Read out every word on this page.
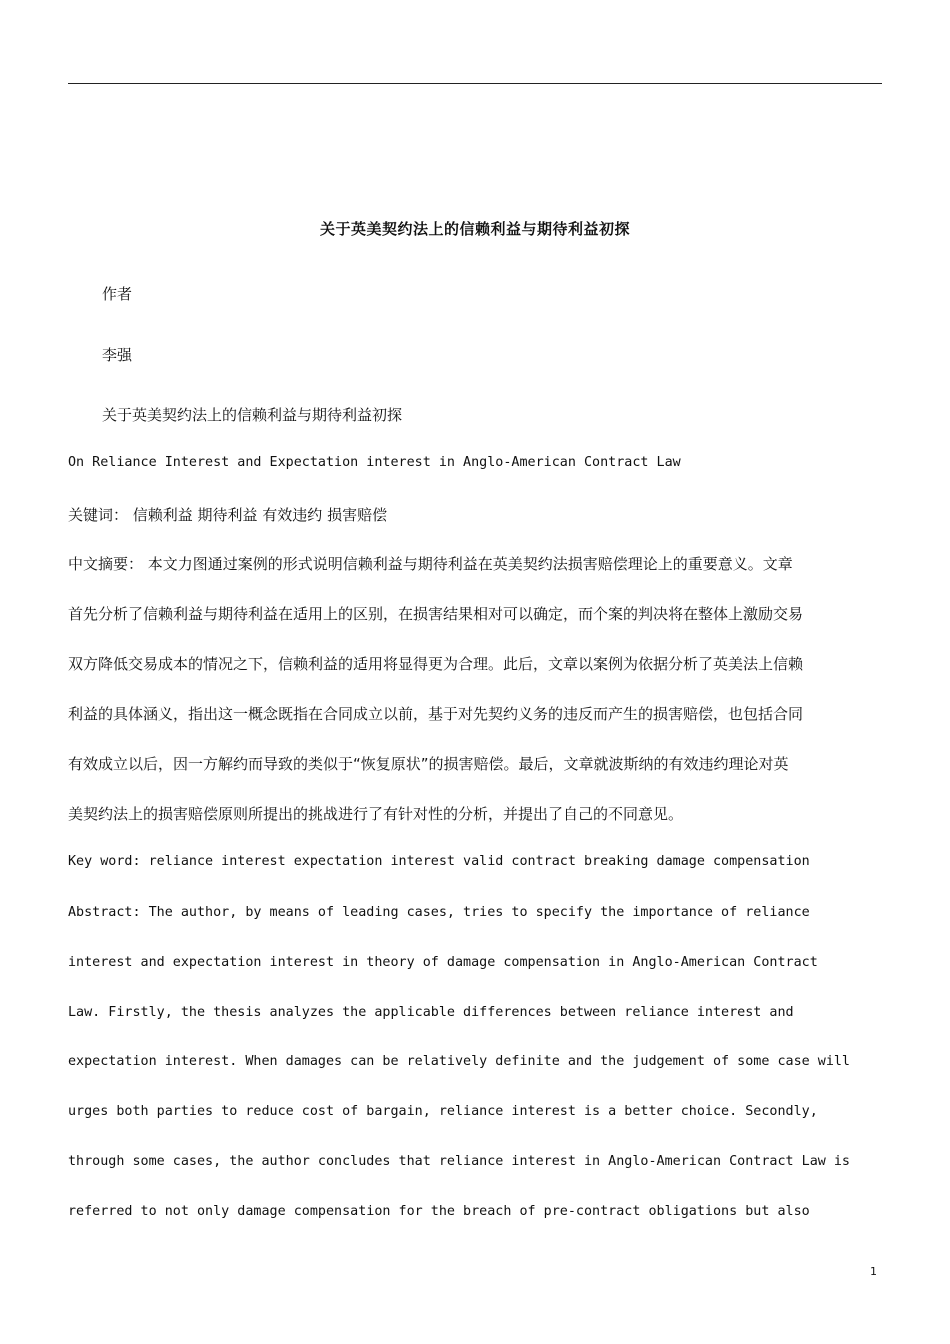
关于英美契约法上的信赖利益与期待利益初探
作者
李强
关于英美契约法上的信赖利益与期待利益初探
On Reliance Interest and Expectation interest in Anglo-American Contract Law
关键词： 信赖利益 期待利益 有效违约 损害赔偿
中文摘要： 本文力图通过案例的形式说明信赖利益与期待利益在英美契约法损害赔偿理论上的重要意义。文章
首先分析了信赖利益与期待利益在适用上的区别，在损害结果相对可以确定，而个案的判决将在整体上激励交易
双方降低交易成本的情况之下，信赖利益的适用将显得更为合理。此后，文章以案例为依据分析了英美法上信赖
利益的具体涵义，指出这一概念既指在合同成立以前，基于对先契约义务的违反而产生的损害赔偿，也包括合同
有效成立以后，因一方解约而导致的类似于“恢复原状”的损害赔偿。最后，文章就波斯纳的有效违约理论对英
美契约法上的损害赔偿原则所提出的挑战进行了有针对性的分析，并提出了自己的不同意见。
Key word: reliance interest expectation interest valid contract breaking damage compensation
Abstract: The author, by means of leading cases, tries to specify the importance of reliance
interest and expectation interest in theory of damage compensation in Anglo-American Contract
Law. Firstly, the thesis analyzes the applicable differences between reliance interest and
expectation interest. When damages can be relatively definite and the judgement of some case will
urges both parties to reduce cost of bargain, reliance interest is a better choice. Secondly,
through some cases, the author concludes that reliance interest in Anglo-American Contract Law is
referred to not only damage compensation for the breach of pre-contract obligations but also
1
